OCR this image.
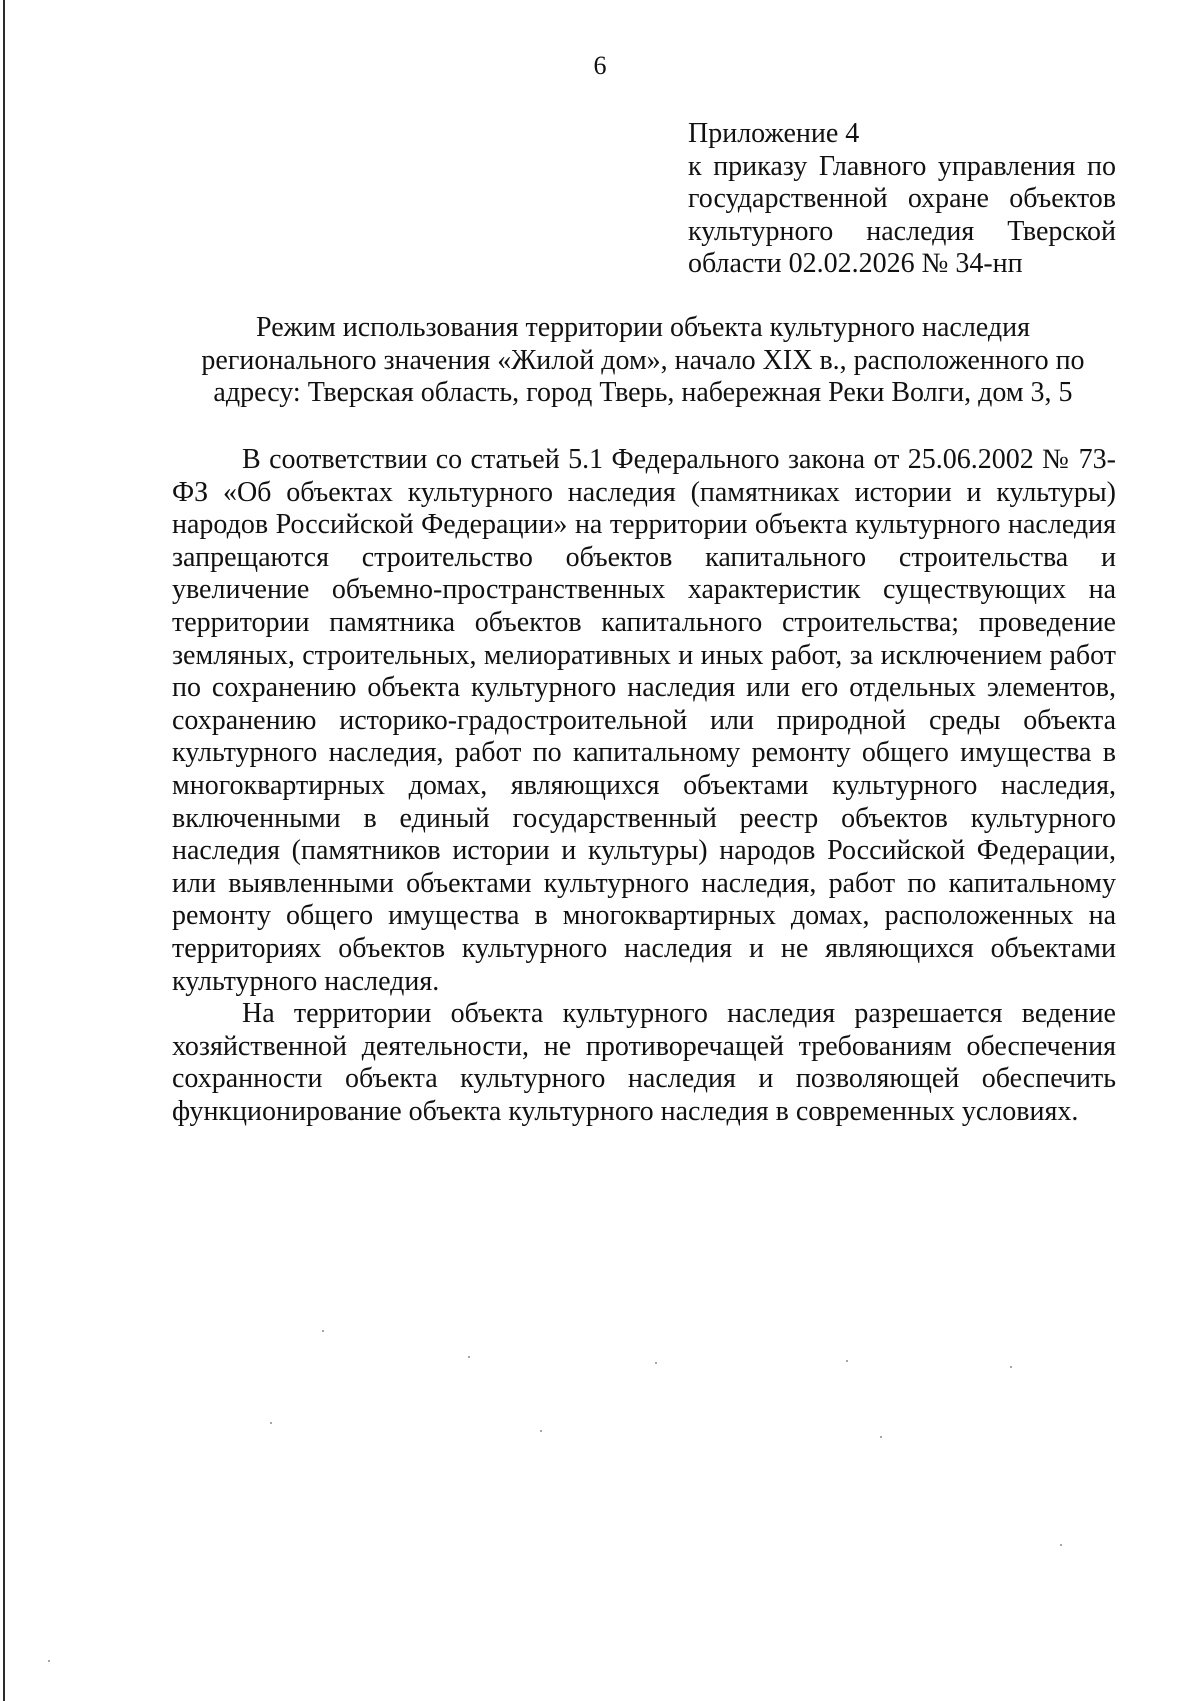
6
Приложение 4
к приказу Главного управления по государственной охране объектов культурного наследия Тверской области 02.02.2026 № 34-нп
Режим использования территории объекта культурного наследия
регионального значения «Жилой дом», начало XIX в., расположенного по
адресу: Тверская область, город Тверь, набережная Реки Волги, дом 3, 5

В соответствии со статьей 5.1 Федерального закона от 25.06.2002 № 73-ФЗ «Об объектах культурного наследия (памятниках истории и культуры) народов Российской Федерации» на территории объекта культурного наследия запрещаются строительство объектов капитального строительства и увеличение объемно-пространственных характеристик существующих на территории памятника объектов капитального строительства; проведение земляных, строительных, мелиоративных и иных работ, за исключением работ по сохранению объекта культурного наследия или его отдельных элементов, сохранению историко-градостроительной или природной среды объекта культурного наследия, работ по капитальному ремонту общего имущества в многоквартирных домах, являющихся объектами культурного наследия, включенными в единый государственный реестр объектов культурного наследия (памятников истории и культуры) народов Российской Федерации, или выявленными объектами культурного наследия, работ по капитальному ремонту общего имущества в многоквартирных домах, расположенных на территориях объектов культурного наследия и не являющихся объектами культурного наследия.

На территории объекта культурного наследия разрешается ведение хозяйственной деятельности, не противоречащей требованиям обеспечения сохранности объекта культурного наследия и позволяющей обеспечить функционирование объекта культурного наследия в современных условиях.
